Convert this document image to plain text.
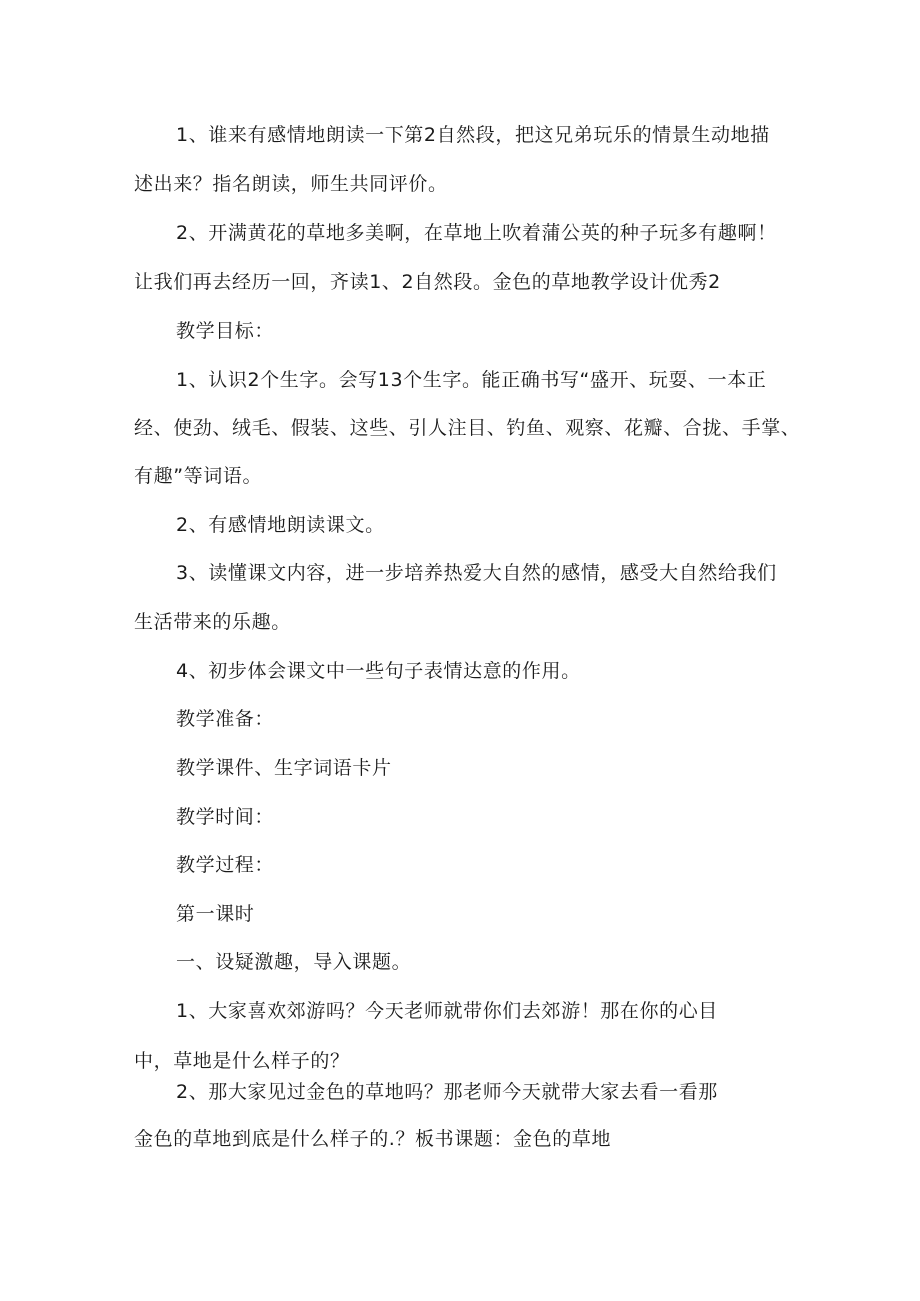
1、谁来有感情地朗读一下第2自然段，把这兄弟玩乐的情景生动地描
述出来？指名朗读，师生共同评价。
2、开满黄花的草地多美啊，在草地上吹着蒲公英的种子玩多有趣啊！
让我们再去经历一回，齐读1、2自然段。金色的草地教学设计优秀2
教学目标：
1、认识2个生字。会写13个生字。能正确书写“盛开、玩耍、一本正
经、使劲、绒毛、假装、这些、引人注目、钓鱼、观察、花瓣、合拢、手掌、
有趣”等词语。
2、有感情地朗读课文。
3、读懂课文内容，进一步培养热爱大自然的感情，感受大自然给我们
生活带来的乐趣。
4、初步体会课文中一些句子表情达意的作用。
教学准备：
教学课件、生字词语卡片
教学时间：
教学过程：
第一课时
一、设疑激趣，导入课题。
1、大家喜欢郊游吗？今天老师就带你们去郊游！那在你的心目
中，草地是什么样子的？
2、那大家见过金色的草地吗？那老师今天就带大家去看一看那
金色的草地到底是什么样子的.？板书课题：金色的草地
